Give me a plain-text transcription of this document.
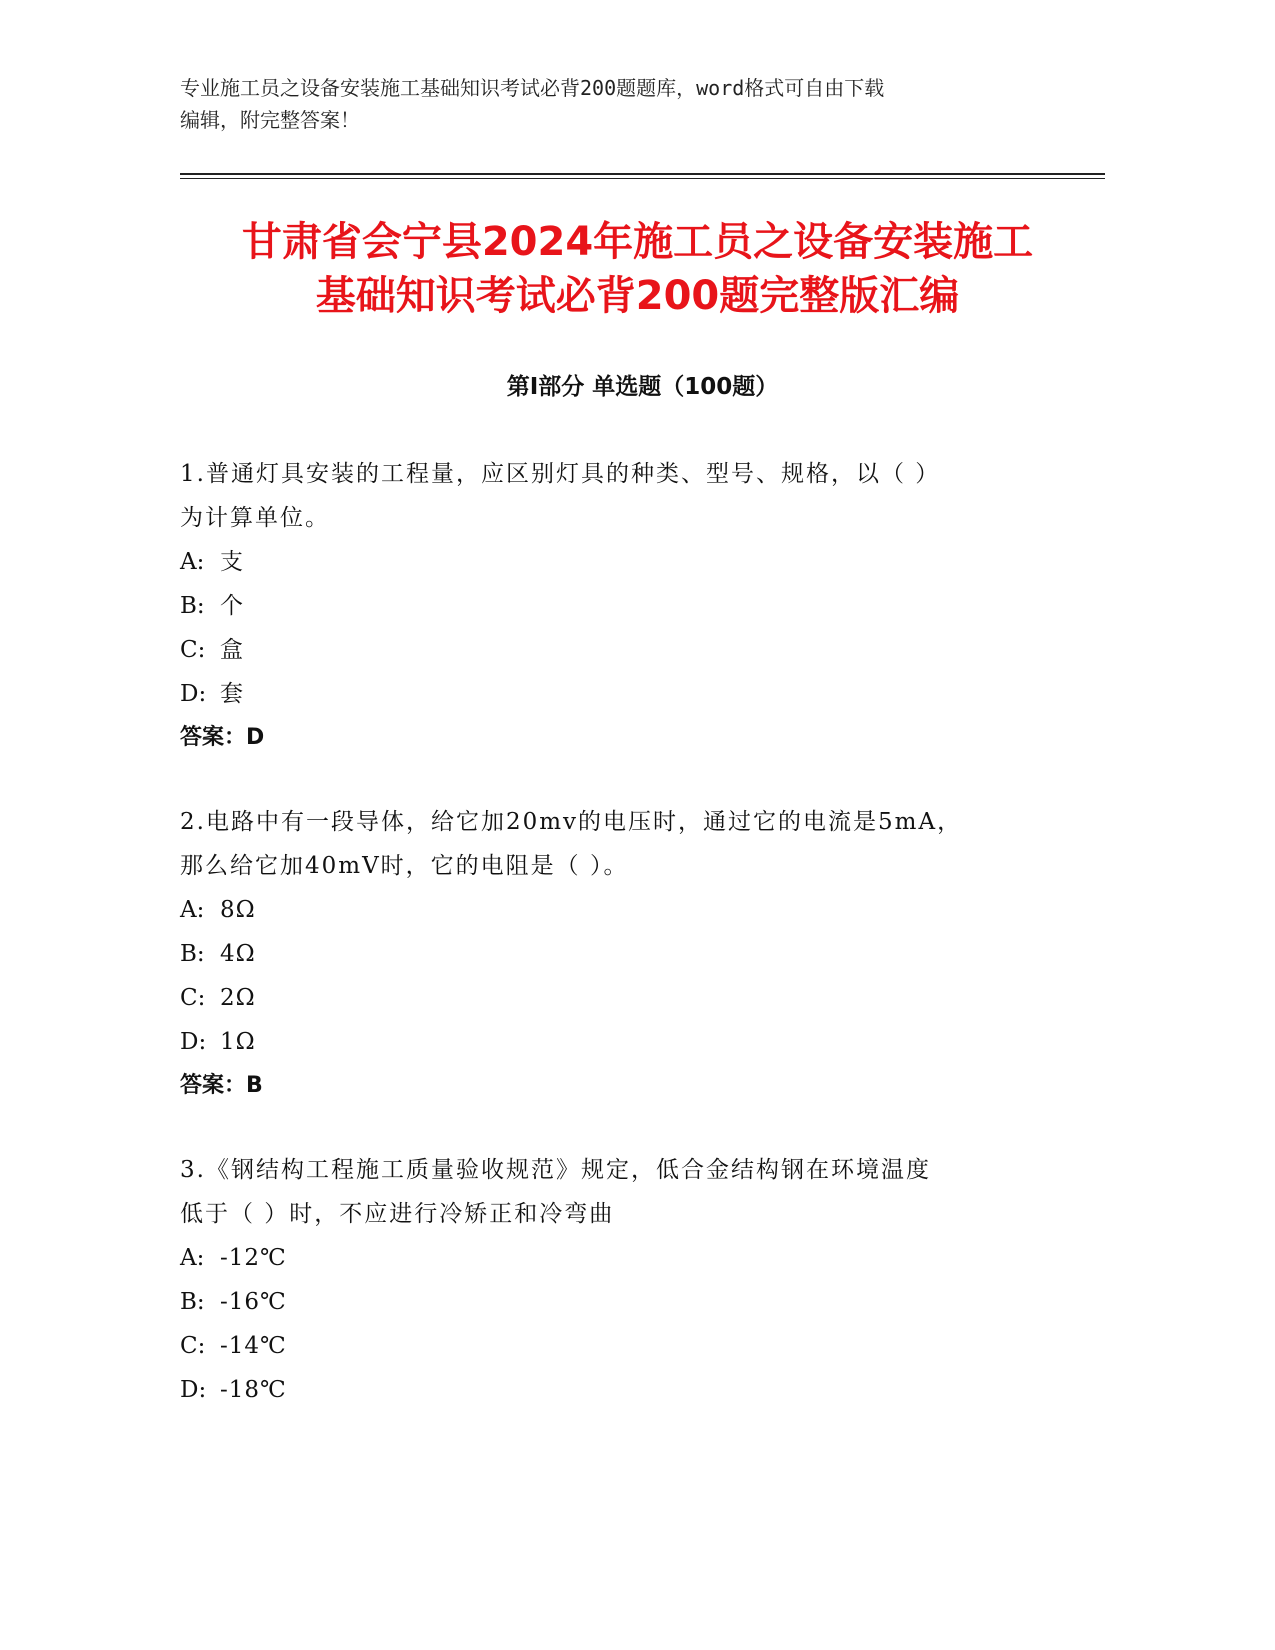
专业施工员之设备安装施工基础知识考试必背200题题库，word格式可自由下载
编辑，附完整答案！
甘肃省会宁县2024年施工员之设备安装施工
基础知识考试必背200题完整版汇编
第Ⅰ部分 单选题（100题）
1.普通灯具安装的工程量，应区别灯具的种类、型号、规格，以（ ）
为计算单位。
A: 支
B: 个
C: 盒
D: 套
答案：D
2.电路中有一段导体，给它加20mv的电压时，通过它的电流是5mA，
那么给它加40mV时，它的电阻是（ ）。
A: 8Ω
B: 4Ω
C: 2Ω
D: 1Ω
答案：B
3.《钢结构工程施工质量验收规范》规定，低合金结构钢在环境温度
低于（ ）时，不应进行冷矫正和冷弯曲
A: -12℃
B: -16℃
C: -14℃
D: -18℃
